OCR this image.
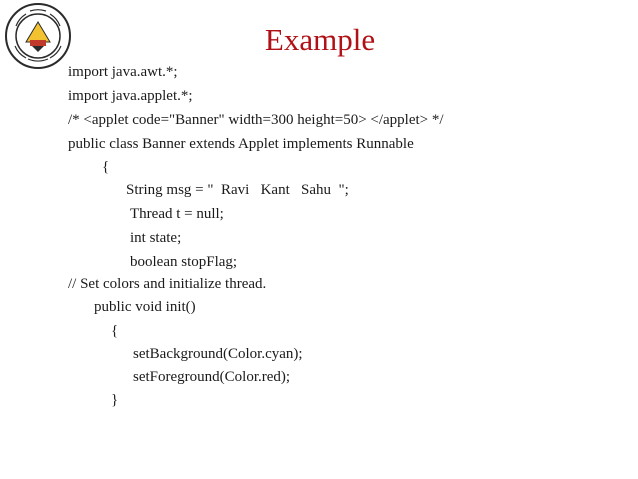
Example
import java.awt.*;
import java.applet.*;
/* <applet code="Banner" width=300 height=50> </applet> */
public class Banner extends Applet implements Runnable
{
String msg = "  Ravi   Kant   Sahu  ";
Thread t = null;
int state;
boolean stopFlag;
// Set colors and initialize thread.
public void init()
{
setBackground(Color.cyan);
setForeground(Color.red);
}
